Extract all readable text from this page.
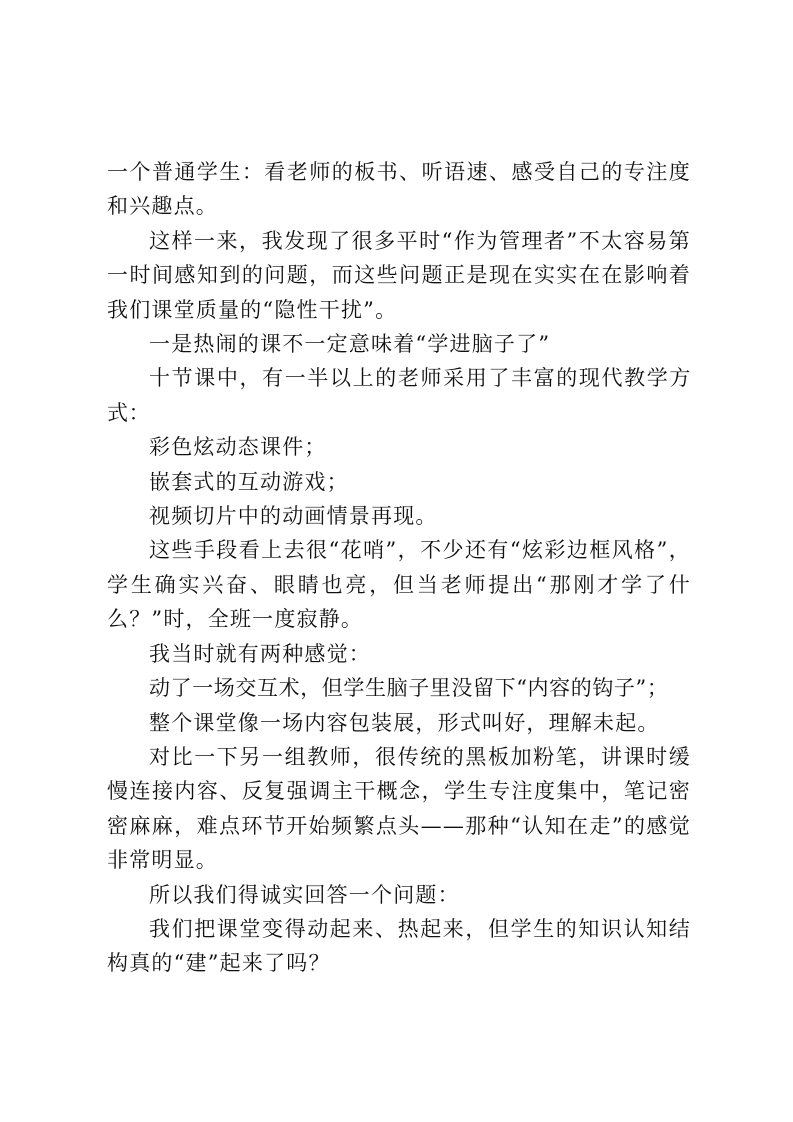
一个普通学生：看老师的板书、听语速、感受自己的专注度和兴趣点。

这样一来，我发现了很多平时“作为管理者”不太容易第一时间感知到的问题，而这些问题正是现在实实在在影响着我们课堂质量的“隐性干扰”。

一是热闹的课不一定意味着“学进脑子了”

十节课中，有一半以上的老师采用了丰富的现代教学方式：

彩色炫动态课件；

嵌套式的互动游戏；

视频切片中的动画情景再现。

这些手段看上去很“花哨”，不少还有“炫彩边框风格”，学生确实兴奋、眼睛也亮，但当老师提出“那刚才学了什么？”时，全班一度寂静。

我当时就有两种感觉：

动了一场交互术，但学生脑子里没留下“内容的钩子”；

整个课堂像一场内容包装展，形式叫好，理解未起。

对比一下另一组教师，很传统的黑板加粉笔，讲课时缓慢连接内容、反复强调主干概念，学生专注度集中，笔记密密麻麻，难点环节开始频繁点头——那种“认知在走”的感觉非常明显。

所以我们得诚实回答一个问题：

我们把课堂变得动起来、热起来，但学生的知识认知结构真的“建”起来了吗？
